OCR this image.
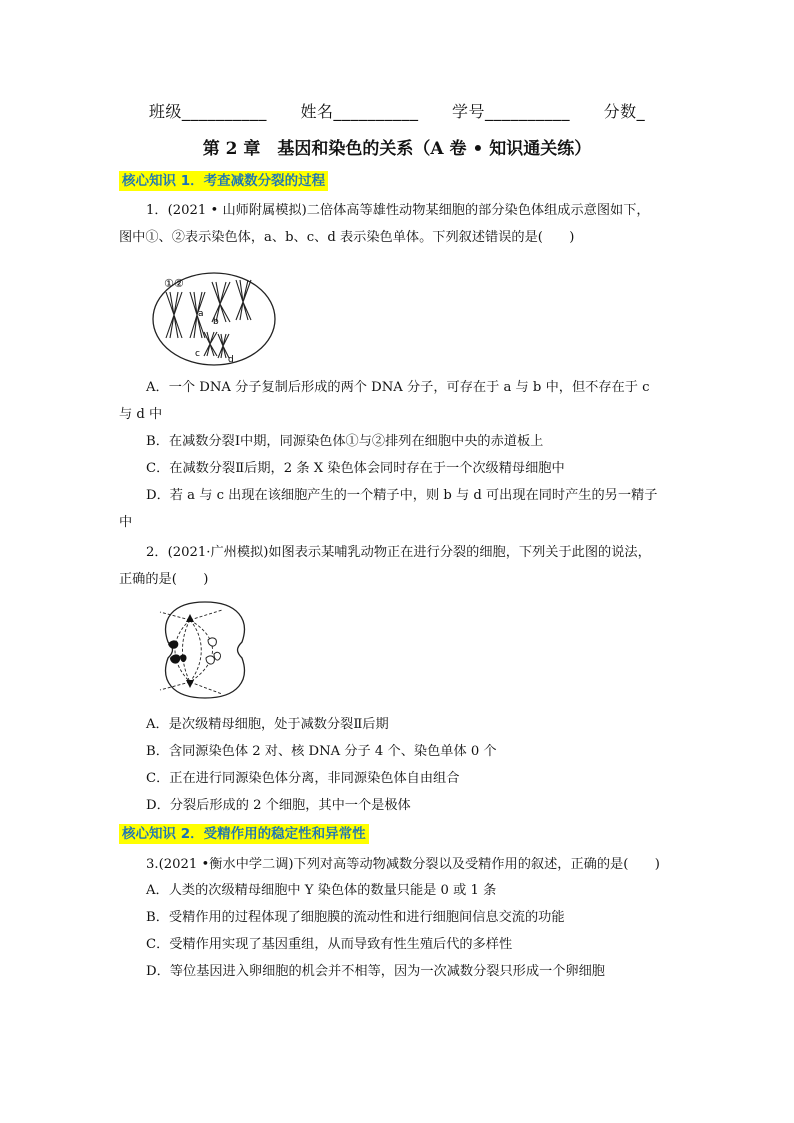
班级__________ 姓名__________ 学号__________ 分数_
第 2 章　基因和染色的关系（A 卷 • 知识通关练）
核心知识 1．考查减数分裂的过程
1．(2021 • 山师附属模拟)二倍体高等雄性动物某细胞的部分染色体组成示意图如下，
图中①、②表示染色体，a、b、c、d 表示染色单体。下列叙述错误的是(　　)
①②
a
b
c
d
A．一个 DNA 分子复制后形成的两个 DNA 分子，可存在于 a 与 b 中，但不存在于 c
与 d 中
B．在减数分裂Ⅰ中期，同源染色体①与②排列在细胞中央的赤道板上
C．在减数分裂Ⅱ后期，2 条 X 染色体会同时存在于一个次级精母细胞中
D．若 a 与 c 出现在该细胞产生的一个精子中，则 b 与 d 可出现在同时产生的另一精子
中
2．(2021·广州模拟)如图表示某哺乳动物正在进行分裂的细胞，下列关于此图的说法，
正确的是(　　)
A．是次级精母细胞，处于减数分裂Ⅱ后期
B．含同源染色体 2 对、核 DNA 分子 4 个、染色单体 0 个
C．正在进行同源染色体分离，非同源染色体自由组合
D．分裂后形成的 2 个细胞，其中一个是极体
核心知识 2．受精作用的稳定性和异常性
3.(2021 •衡水中学二调)下列对高等动物减数分裂以及受精作用的叙述，正确的是(　　)
A．人类的次级精母细胞中 Y 染色体的数量只能是 0 或 1 条
B．受精作用的过程体现了细胞膜的流动性和进行细胞间信息交流的功能
C．受精作用实现了基因重组，从而导致有性生殖后代的多样性
D．等位基因进入卵细胞的机会并不相等，因为一次减数分裂只形成一个卵细胞
